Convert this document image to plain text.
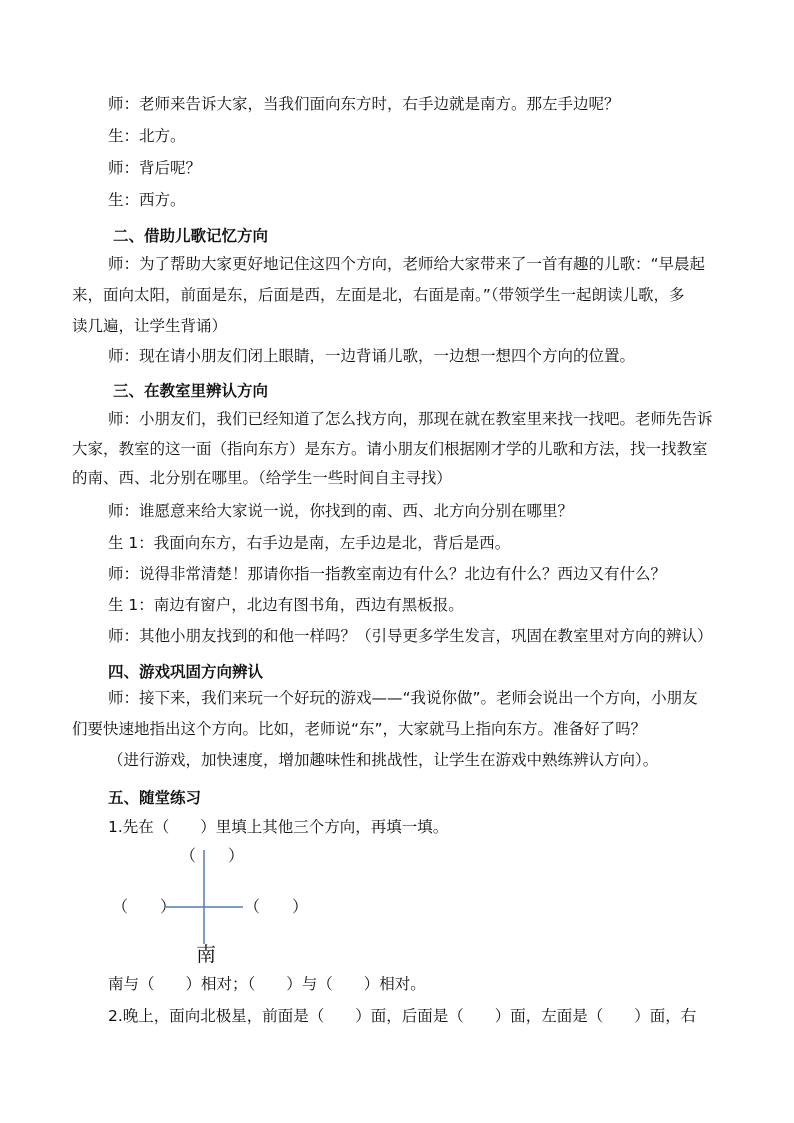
师：老师来告诉大家，当我们面向东方时，右手边就是南方。那左手边呢？
生：北方。
师：背后呢？
生：西方。
二、借助儿歌记忆方向
师：为了帮助大家更好地记住这四个方向，老师给大家带来了一首有趣的儿歌：“早晨起
来，面向太阳，前面是东，后面是西，左面是北，右面是南。”（带领学生一起朗读儿歌，多
读几遍，让学生背诵）
师：现在请小朋友们闭上眼睛，一边背诵儿歌，一边想一想四个方向的位置。
三、在教室里辨认方向
师：小朋友们，我们已经知道了怎么找方向，那现在就在教室里来找一找吧。老师先告诉
大家，教室的这一面（指向东方）是东方。请小朋友们根据刚才学的儿歌和方法，找一找教室
的南、西、北分别在哪里。（给学生一些时间自主寻找）
师：谁愿意来给大家说一说，你找到的南、西、北方向分别在哪里？
生 1：我面向东方，右手边是南，左手边是北，背后是西。
师：说得非常清楚！那请你指一指教室南边有什么？北边有什么？西边又有什么？
生 1：南边有窗户，北边有图书角，西边有黑板报。
师：其他小朋友找到的和他一样吗？（引导更多学生发言，巩固在教室里对方向的辨认）
四、游戏巩固方向辨认
师：接下来，我们来玩一个好玩的游戏——“我说你做”。老师会说出一个方向，小朋友
们要快速地指出这个方向。比如，老师说“东”，大家就马上指向东方。准备好了吗？
（进行游戏，加快速度，增加趣味性和挑战性，让学生在游戏中熟练辨认方向）。
五、随堂练习
1.先在（　　）里填上其他三个方向，再填一填。
（　　）
（　　）	（　　）
南
南与（　　）相对；（　　）与（　　）相对。
2.晚上，面向北极星，前面是（　　）面，后面是（　　）面，左面是（　　）面，右
